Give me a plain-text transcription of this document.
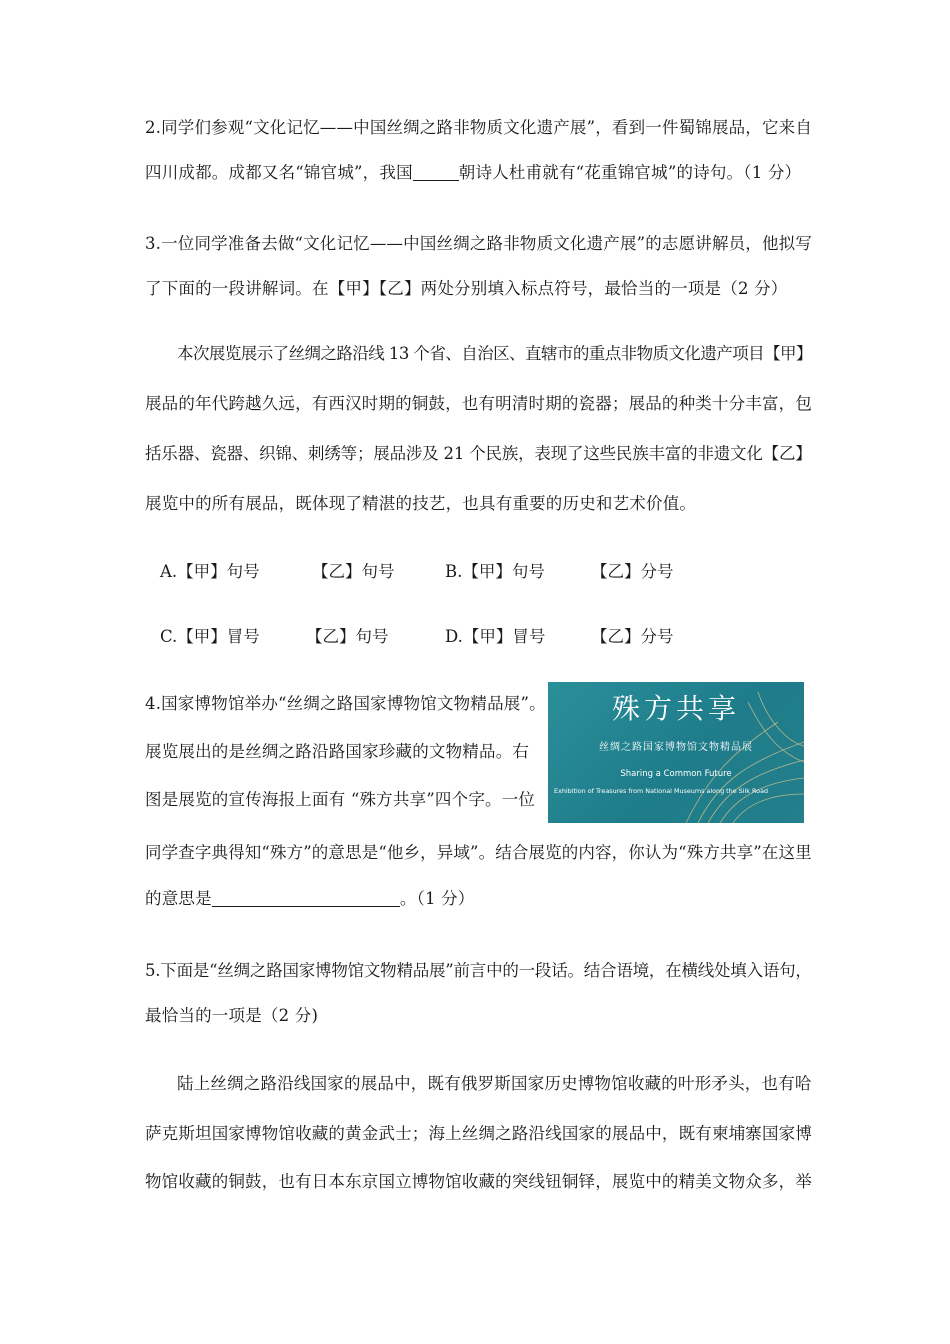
2.同学们参观“文化记忆——中国丝绸之路非物质文化遗产展”，看到一件蜀锦展品，它来自
四川成都。成都又名“锦官城”，我国	朝诗人杜甫就有“花重锦官城”的诗句。（1 分）
3.一位同学准备去做“文化记忆——中国丝绸之路非物质文化遗产展”的志愿讲解员，他拟写
了下面的一段讲解词。在【甲】【乙】两处分别填入标点符号，最恰当的一项是（2 分）
本次展览展示了丝绸之路沿线 13 个省、自治区、直辖市的重点非物质文化遗产项目【甲】
展品的年代跨越久远，有西汉时期的铜鼓，也有明清时期的瓷器；展品的种类十分丰富，包
括乐器、瓷器、织锦、刺绣等；展品涉及 21 个民族，表现了这些民族丰富的非遗文化【乙】
展览中的所有展品，既体现了精湛的技艺，也具有重要的历史和艺术价值。
A.【甲】句号	【乙】句号	B.【甲】句号	【乙】分号
C.【甲】冒号	【乙】句号	D.【甲】冒号	【乙】分号
4.国家博物馆举办“丝绸之路国家博物馆文物精品展”。
展览展出的是丝绸之路沿路国家珍藏的文物精品。右
图是展览的宣传海报上面有 “殊方共享”四个字。一位
同学查字典得知“殊方”的意思是“他乡，异域”。结合展览的内容，你认为“殊方共享”在这里
的意思是	。（1 分）
殊方共享
丝绸之路国家博物馆文物精品展
Sharing a Common Future
Exhibition of Treasures from National Museums along the Silk Road
5.下面是“丝绸之路国家博物馆文物精品展”前言中的一段话。结合语境，在横线处填入语句，
最恰当的一项是（2 分)
陆上丝绸之路沿线国家的展品中，既有俄罗斯国家历史博物馆收藏的叶形矛头，也有哈
萨克斯坦国家博物馆收藏的黄金武士；海上丝绸之路沿线国家的展品中，既有柬埔寨国家博
物馆收藏的铜鼓，也有日本东京国立博物馆收藏的突线钮铜铎，展览中的精美文物众多，举
